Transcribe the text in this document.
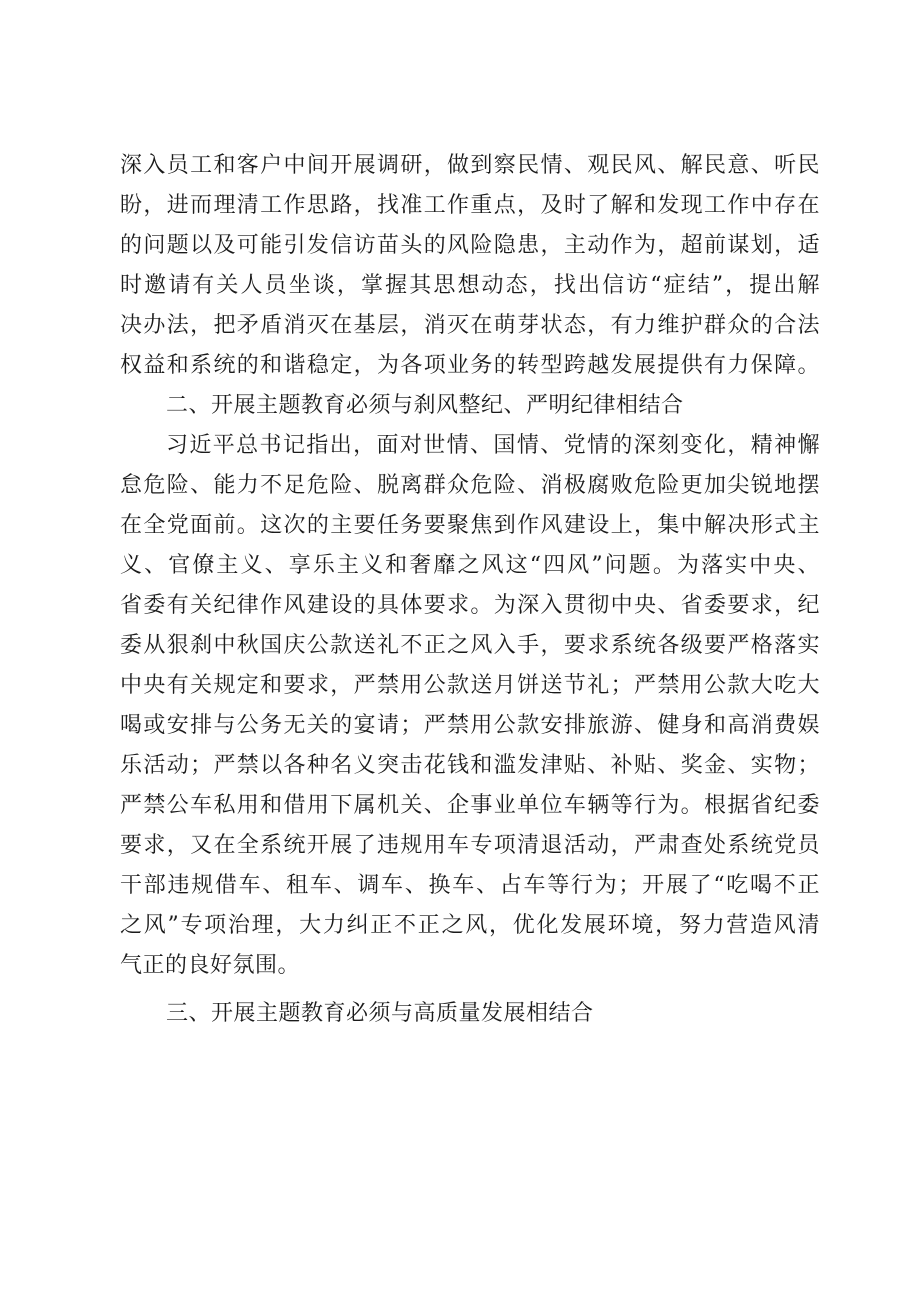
深入员工和客户中间开展调研，做到察民情、观民风、解民意、听民
盼，进而理清工作思路，找准工作重点，及时了解和发现工作中存在
的问题以及可能引发信访苗头的风险隐患，主动作为，超前谋划，适
时邀请有关人员坐谈，掌握其思想动态，找出信访“症结”，提出解
决办法，把矛盾消灭在基层，消灭在萌芽状态，有力维护群众的合法
权益和系统的和谐稳定，为各项业务的转型跨越发展提供有力保障。
二、开展主题教育必须与刹风整纪、严明纪律相结合
习近平总书记指出，面对世情、国情、党情的深刻变化，精神懈
怠危险、能力不足危险、脱离群众危险、消极腐败危险更加尖锐地摆
在全党面前。这次的主要任务要聚焦到作风建设上，集中解决形式主
义、官僚主义、享乐主义和奢靡之风这“四风”问题。为落实中央、
省委有关纪律作风建设的具体要求。为深入贯彻中央、省委要求，纪
委从狠刹中秋国庆公款送礼不正之风入手，要求系统各级要严格落实
中央有关规定和要求，严禁用公款送月饼送节礼；严禁用公款大吃大
喝或安排与公务无关的宴请；严禁用公款安排旅游、健身和高消费娱
乐活动；严禁以各种名义突击花钱和滥发津贴、补贴、奖金、实物；
严禁公车私用和借用下属机关、企事业单位车辆等行为。根据省纪委
要求，又在全系统开展了违规用车专项清退活动，严肃查处系统党员
干部违规借车、租车、调车、换车、占车等行为；开展了“吃喝不正
之风”专项治理，大力纠正不正之风，优化发展环境，努力营造风清
气正的良好氛围。
三、开展主题教育必须与高质量发展相结合
